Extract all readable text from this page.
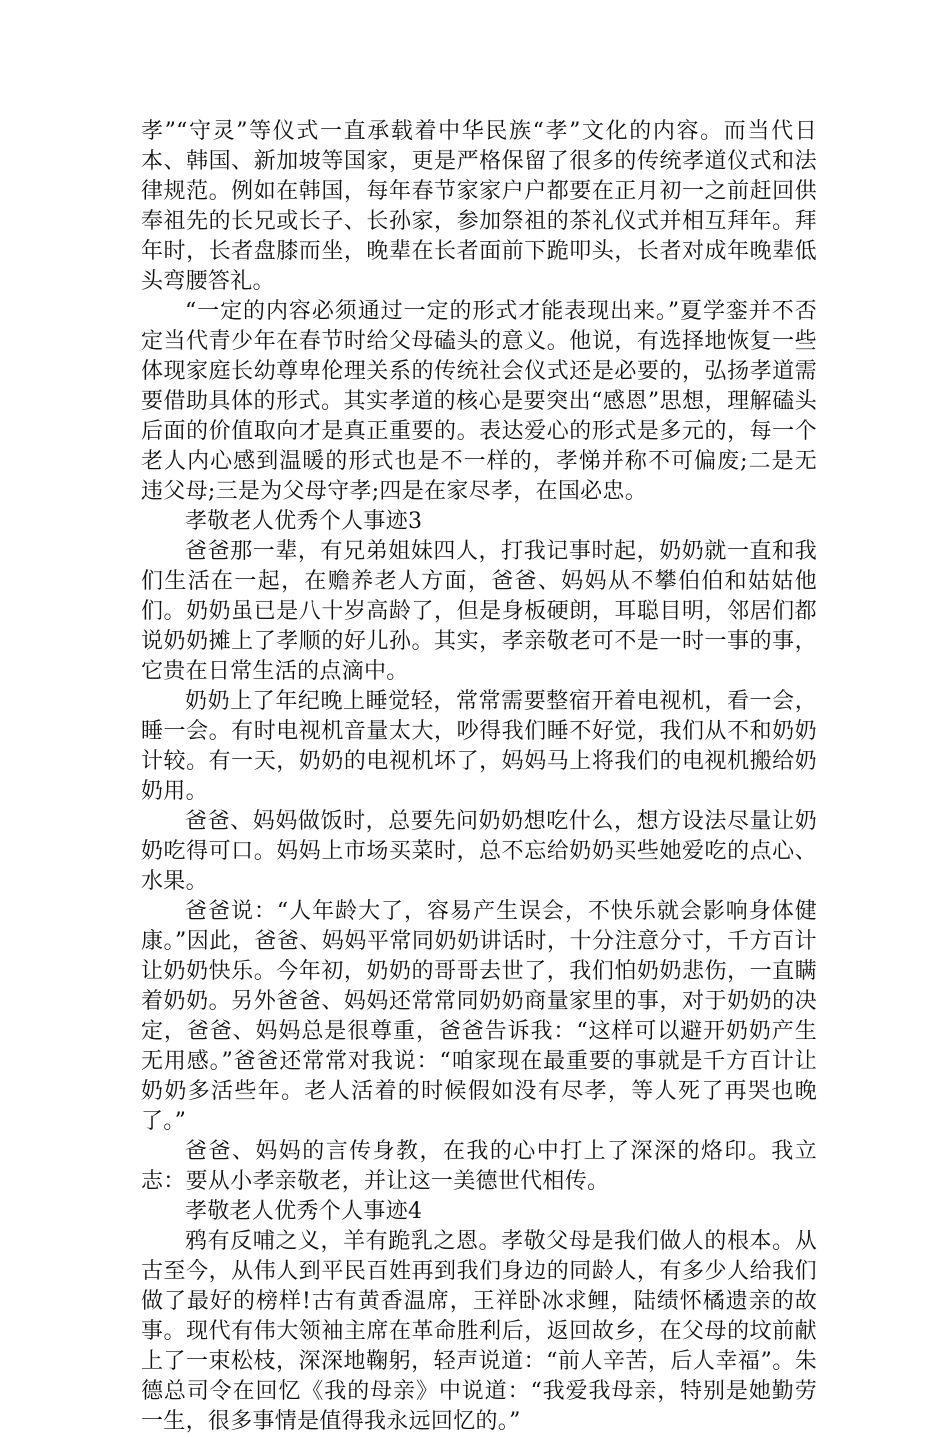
孝”“守灵”等仪式一直承载着中华民族“孝”文化的内容。而当代日本、韩国、新加坡等国家，更是严格保留了很多的传统孝道仪式和法律规范。例如在韩国，每年春节家家户户都要在正月初一之前赶回供奉祖先的长兄或长子、长孙家，参加祭祖的茶礼仪式并相互拜年。拜年时，长者盘膝而坐，晚辈在长者面前下跪叩头，长者对成年晚辈低头弯腰答礼。

“一定的内容必须通过一定的形式才能表现出来。”夏学銮并不否定当代青少年在春节时给父母磕头的意义。他说，有选择地恢复一些体现家庭长幼尊卑伦理关系的传统社会仪式还是必要的，弘扬孝道需要借助具体的形式。其实孝道的核心是要突出“感恩”思想，理解磕头后面的价值取向才是真正重要的。表达爱心的形式是多元的，每一个老人内心感到温暖的形式也是不一样的，孝悌并称不可偏废;二是无违父母;三是为父母守孝;四是在家尽孝，在国必忠。

孝敬老人优秀个人事迹3

爸爸那一辈，有兄弟姐妹四人，打我记事时起，奶奶就一直和我们生活在一起，在赡养老人方面，爸爸、妈妈从不攀伯伯和姑姑他们。奶奶虽已是八十岁高龄了，但是身板硬朗，耳聪目明，邻居们都说奶奶摊上了孝顺的好儿孙。其实，孝亲敬老可不是一时一事的事，它贵在日常生活的点滴中。

奶奶上了年纪晚上睡觉轻，常常需要整宿开着电视机，看一会，睡一会。有时电视机音量太大，吵得我们睡不好觉，我们从不和奶奶计较。有一天，奶奶的电视机坏了，妈妈马上将我们的电视机搬给奶奶用。

爸爸、妈妈做饭时，总要先问奶奶想吃什么，想方设法尽量让奶奶吃得可口。妈妈上市场买菜时，总不忘给奶奶买些她爱吃的点心、水果。

爸爸说：“人年龄大了，容易产生误会，不快乐就会影响身体健康。”因此，爸爸、妈妈平常同奶奶讲话时，十分注意分寸，千方百计让奶奶快乐。今年初，奶奶的哥哥去世了，我们怕奶奶悲伤，一直瞒着奶奶。另外爸爸、妈妈还常常同奶奶商量家里的事，对于奶奶的决定，爸爸、妈妈总是很尊重，爸爸告诉我：“这样可以避开奶奶产生无用感。”爸爸还常常对我说：“咱家现在最重要的事就是千方百计让奶奶多活些年。老人活着的时候假如没有尽孝，等人死了再哭也晚了。”

爸爸、妈妈的言传身教，在我的心中打上了深深的烙印。我立志：要从小孝亲敬老，并让这一美德世代相传。

孝敬老人优秀个人事迹4

鸦有反哺之义，羊有跪乳之恩。孝敬父母是我们做人的根本。从古至今，从伟人到平民百姓再到我们身边的同龄人，有多少人给我们做了最好的榜样!古有黄香温席，王祥卧冰求鲤，陆绩怀橘遗亲的故事。现代有伟大领袖主席在革命胜利后，返回故乡，在父母的坟前献上了一束松枝，深深地鞠躬，轻声说道：“前人辛苦，后人幸福”。朱德总司令在回忆《我的母亲》中说道：“我爱我母亲，特别是她勤劳一生，很多事情是值得我永远回忆的。”
